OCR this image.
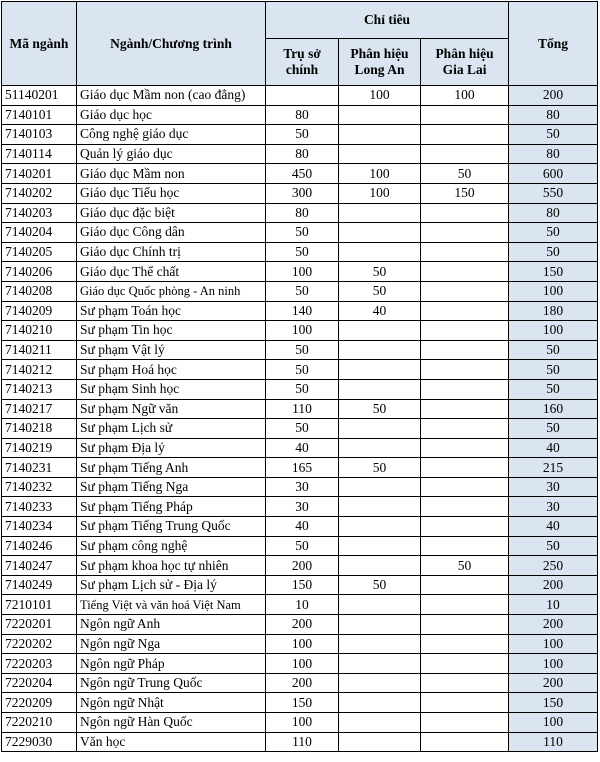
Mã ngành	Ngành/Chương trình	Chỉ tiêu			Tổng
		Trụ sở chính	Phân hiệu Long An	Phân hiệu Gia Lai	
51140201	Giáo dục Mầm non (cao đẳng)		100	100	200
7140101	Giáo dục học	80			80
7140103	Công nghệ giáo dục	50			50
7140114	Quản lý giáo dục	80			80
7140201	Giáo dục Mầm non	450	100	50	600
7140202	Giáo dục Tiểu học	300	100	150	550
7140203	Giáo dục đặc biệt	80			80
7140204	Giáo dục Công dân	50			50
7140205	Giáo dục Chính trị	50			50
7140206	Giáo dục Thể chất	100	50		150
7140208	Giáo dục Quốc phòng - An ninh	50	50		100
7140209	Sư phạm Toán học	140	40		180
7140210	Sư phạm Tin học	100			100
7140211	Sư phạm Vật lý	50			50
7140212	Sư phạm Hoá học	50			50
7140213	Sư phạm Sinh học	50			50
7140217	Sư phạm Ngữ văn	110	50		160
7140218	Sư phạm Lịch sử	50			50
7140219	Sư phạm Địa lý	40			40
7140231	Sư phạm Tiếng Anh	165	50		215
7140232	Sư phạm Tiếng Nga	30			30
7140233	Sư phạm Tiếng Pháp	30			30
7140234	Sư phạm Tiếng Trung Quốc	40			40
7140246	Sư phạm công nghệ	50			50
7140247	Sư phạm khoa học tự nhiên	200		50	250
7140249	Sư phạm Lịch sử - Địa lý	150	50		200
7210101	Tiếng Việt và văn hoá Việt Nam	10			10
7220201	Ngôn ngữ Anh	200			200
7220202	Ngôn ngữ Nga	100			100
7220203	Ngôn ngữ Pháp	100			100
7220204	Ngôn ngữ Trung Quốc	200			200
7220209	Ngôn ngữ Nhật	150			150
7220210	Ngôn ngữ Hàn Quốc	100			100
7229030	Văn học	110			110
